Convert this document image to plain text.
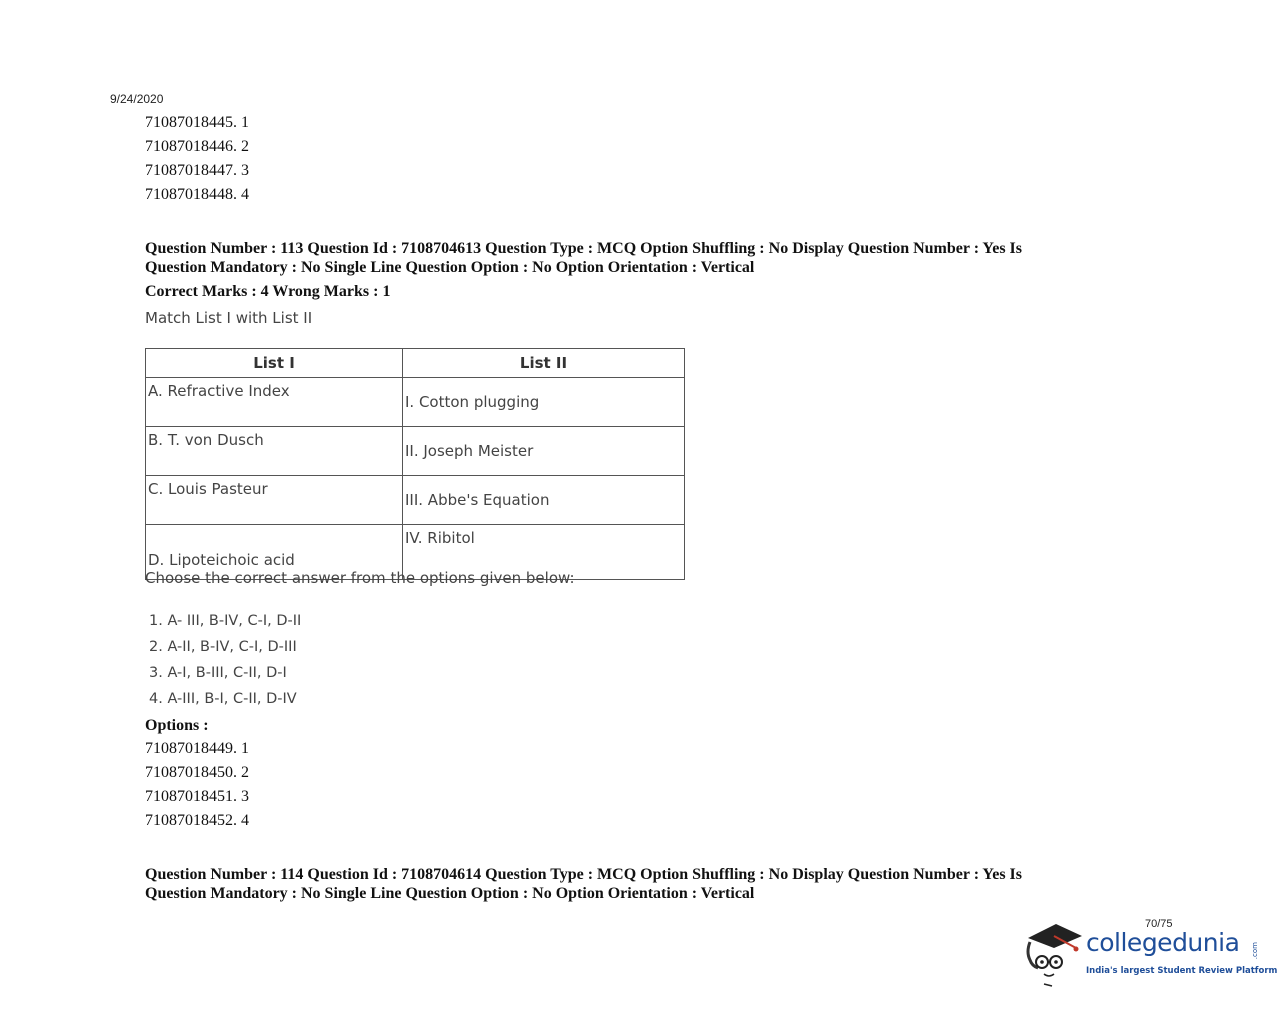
9/24/2020
71087018445. 1
71087018446. 2
71087018447. 3
71087018448. 4
Question Number : 113 Question Id : 7108704613 Question Type : MCQ Option Shuffling : No Display Question Number : Yes Is
Question Mandatory : No Single Line Question Option : No Option Orientation : Vertical
Correct Marks : 4 Wrong Marks : 1
Match List I with List II
List I	List II
A. Refractive Index	I. Cotton plugging
B. T. von Dusch	II. Joseph Meister
C. Louis Pasteur	III. Abbe's Equation
D. Lipoteichoic acid	IV. Ribitol
Choose the correct answer from the options given below:
1. A- III, B-IV, C-I, D-II
2. A-II, B-IV, C-I, D-III
3. A-I, B-III, C-II, D-I
4. A-III, B-I, C-II, D-IV
Options :
71087018449. 1
71087018450. 2
71087018451. 3
71087018452. 4
Question Number : 114 Question Id : 7108704614 Question Type : MCQ Option Shuffling : No Display Question Number : Yes Is
Question Mandatory : No Single Line Question Option : No Option Orientation : Vertical
70/75
collegedunia .com
India's largest Student Review Platform
